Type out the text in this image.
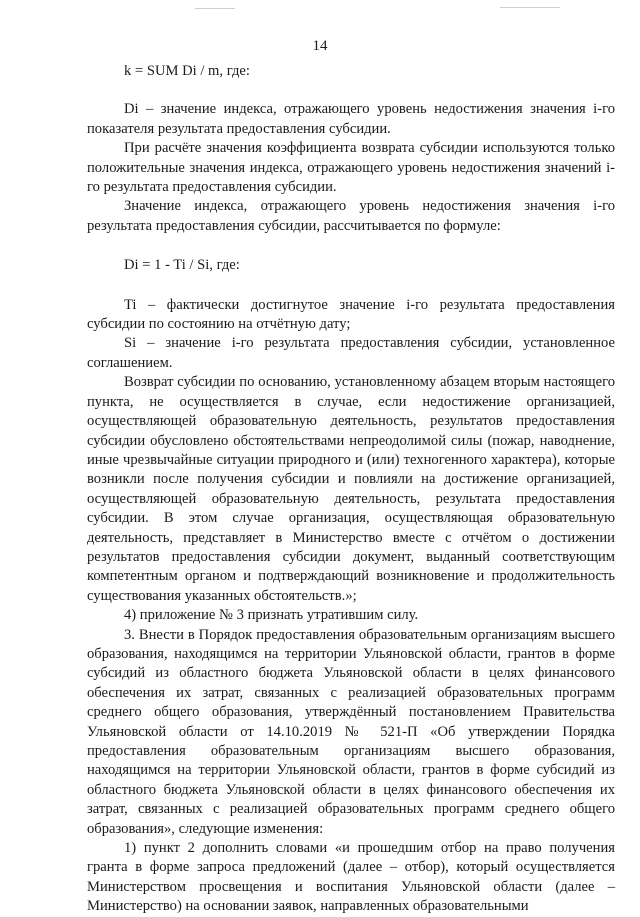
14

k = SUM Di / m, где:

Di – значение индекса, отражающего уровень недостижения значения i-го показателя результата предоставления субсидии.

При расчёте значения коэффициента возврата субсидии используются только положительные значения индекса, отражающего уровень недостижения значений i-го результата предоставления субсидии.

Значение индекса, отражающего уровень недостижения значения i-го результата предоставления субсидии, рассчитывается по формуле:

Di = 1 - Ti / Si, где:

Ti – фактически достигнутое значение i-го результата предоставления субсидии по состоянию на отчётную дату;

Si – значение i-го результата предоставления субсидии, установленное соглашением.

Возврат субсидии по основанию, установленному абзацем вторым настоящего пункта, не осуществляется в случае, если недостижение организацией, осуществляющей образовательную деятельность, результатов предоставления субсидии обусловлено обстоятельствами непреодолимой силы (пожар, наводнение, иные чрезвычайные ситуации природного и (или) техногенного характера), которые возникли после получения субсидии и повлияли на достижение организацией, осуществляющей образовательную деятельность, результата предоставления субсидии. В этом случае организация, осуществляющая образовательную деятельность, представляет в Министерство вместе с отчётом о достижении результатов предоставления субсидии документ, выданный соответствующим компетентным органом и подтверждающий возникновение и продолжительность существования указанных обстоятельств.»;

4) приложение № 3 признать утратившим силу.

3. Внести в Порядок предоставления образовательным организациям высшего образования, находящимся на территории Ульяновской области, грантов в форме субсидий из областного бюджета Ульяновской области в целях финансового обеспечения их затрат, связанных с реализацией образовательных программ среднего общего образования, утверждённый постановлением Правительства Ульяновской области от 14.10.2019 № 521-П «Об утверждении Порядка предоставления образовательным организациям высшего образования, находящимся на территории Ульяновской области, грантов в форме субсидий из областного бюджета Ульяновской области в целях финансового обеспечения их затрат, связанных с реализацией образовательных программ среднего общего образования», следующие изменения:

1) пункт 2 дополнить словами «и прошедшим отбор на право получения гранта в форме запроса предложений (далее – отбор), который осуществляется Министерством просвещения и воспитания Ульяновской области (далее – Министерство) на основании заявок, направленных образовательными
